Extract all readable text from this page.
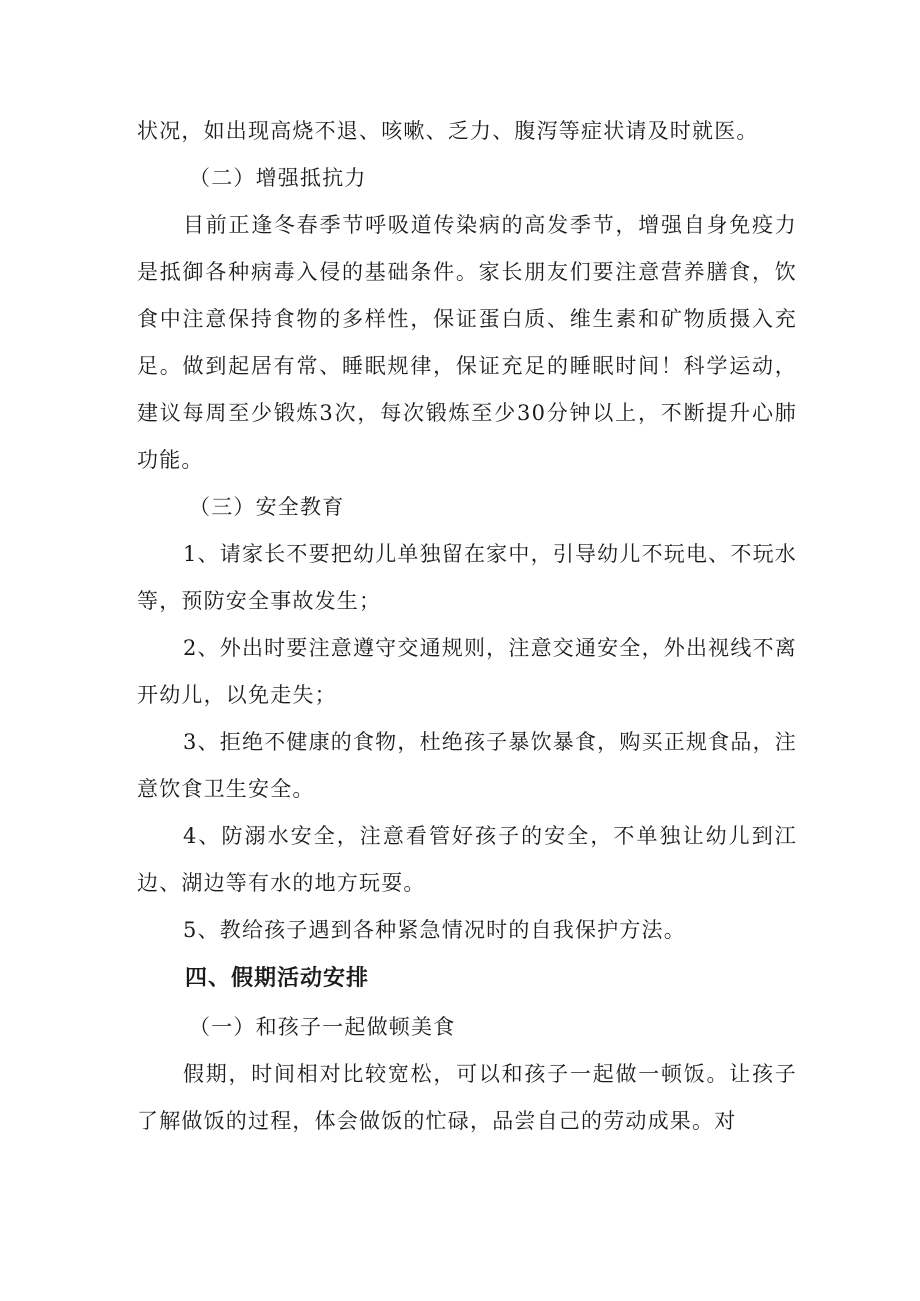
状况，如出现高烧不退、咳嗽、乏力、腹泻等症状请及时就医。

（二）增强抵抗力

目前正逢冬春季节呼吸道传染病的高发季节，增强自身免疫力是抵御各种病毒入侵的基础条件。家长朋友们要注意营养膳食，饮食中注意保持食物的多样性，保证蛋白质、维生素和矿物质摄入充足。做到起居有常、睡眠规律，保证充足的睡眠时间！科学运动，建议每周至少锻炼3次，每次锻炼至少30分钟以上，不断提升心肺功能。

（三）安全教育

1、请家长不要把幼儿单独留在家中，引导幼儿不玩电、不玩水等，预防安全事故发生；

2、外出时要注意遵守交通规则，注意交通安全，外出视线不离开幼儿，以免走失；

3、拒绝不健康的食物，杜绝孩子暴饮暴食，购买正规食品，注意饮食卫生安全。

4、防溺水安全，注意看管好孩子的安全，不单独让幼儿到江边、湖边等有水的地方玩耍。

5、教给孩子遇到各种紧急情况时的自我保护方法。

四、假期活动安排

（一）和孩子一起做顿美食

假期，时间相对比较宽松，可以和孩子一起做一顿饭。让孩子了解做饭的过程，体会做饭的忙碌，品尝自己的劳动成果。对
